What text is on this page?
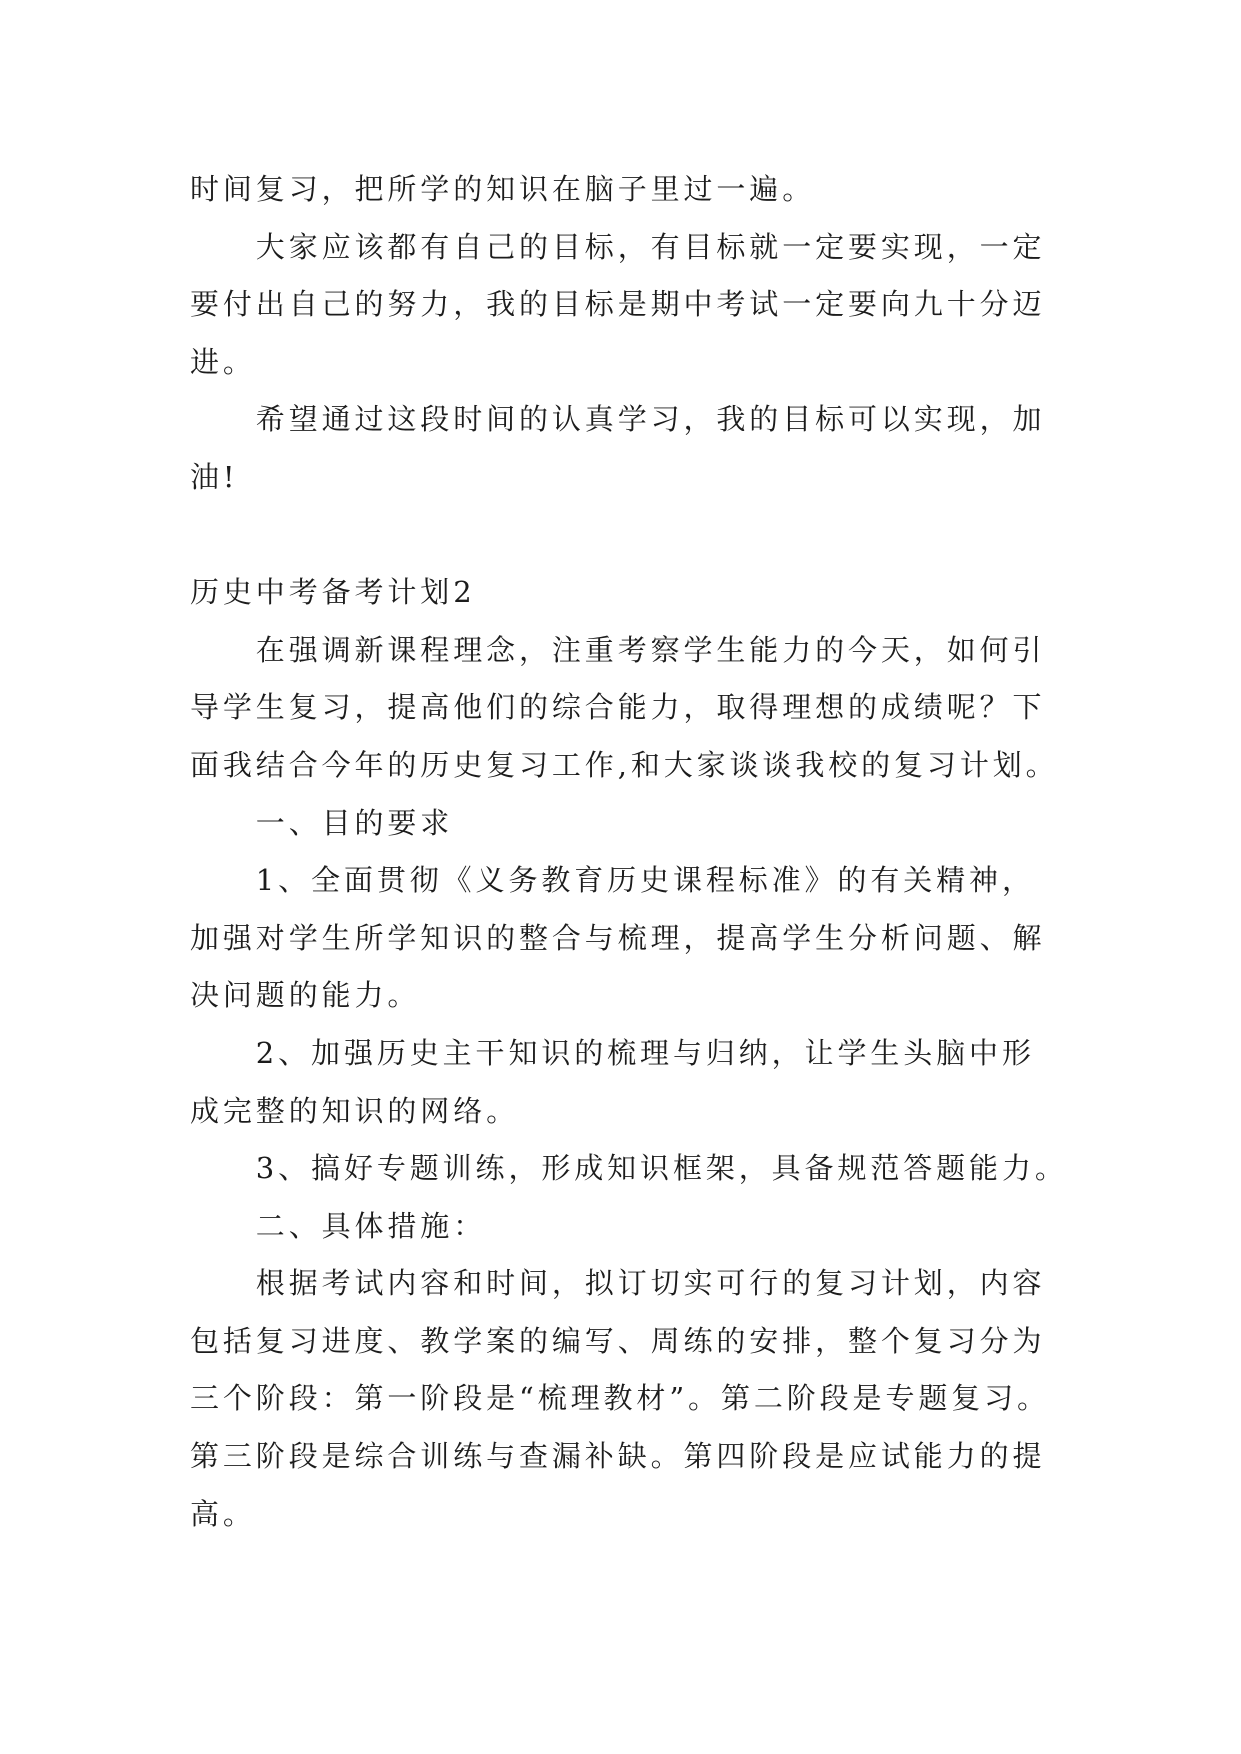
时间复习，把所学的知识在脑子里过一遍。
大家应该都有自己的目标，有目标就一定要实现，一定
要付出自己的努力，我的目标是期中考试一定要向九十分迈
进。
希望通过这段时间的认真学习，我的目标可以实现，加
油!
历史中考备考计划2
在强调新课程理念，注重考察学生能力的今天，如何引
导学生复习，提高他们的综合能力，取得理想的成绩呢？下
面我结合今年的历史复习工作,和大家谈谈我校的复习计划。
一、目的要求
1、全面贯彻《义务教育历史课程标准》的有关精神，
加强对学生所学知识的整合与梳理，提高学生分析问题、解
决问题的能力。
2、加强历史主干知识的梳理与归纳，让学生头脑中形
成完整的知识的网络。
3、搞好专题训练，形成知识框架，具备规范答题能力。
二、具体措施：
根据考试内容和时间，拟订切实可行的复习计划，内容
包括复习进度、教学案的编写、周练的安排，整个复习分为
三个阶段：第一阶段是“梳理教材”。第二阶段是专题复习。
第三阶段是综合训练与查漏补缺。第四阶段是应试能力的提
高。
